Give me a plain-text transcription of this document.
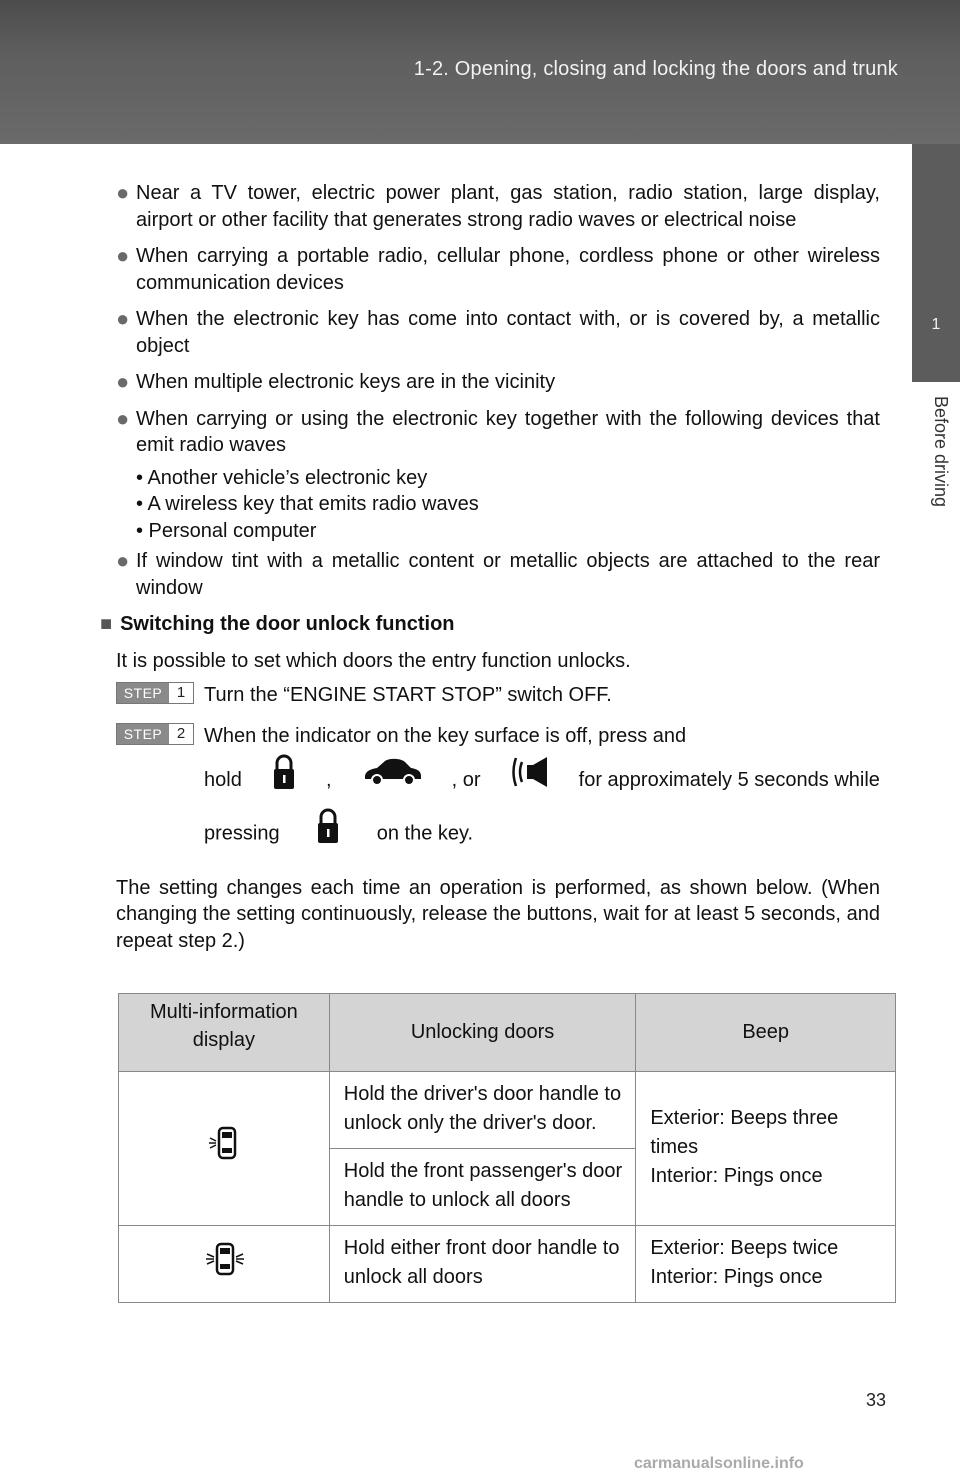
1-2. Opening, closing and locking the doors and trunk
1
Before driving
● Near a TV tower, electric power plant, gas station, radio station, large display, airport or other facility that generates strong radio waves or electrical noise
● When carrying a portable radio, cellular phone, cordless phone or other wireless communication devices
● When the electronic key has come into contact with, or is covered by, a metallic object
● When multiple electronic keys are in the vicinity
● When carrying or using the electronic key together with the following devices that emit radio waves
• Another vehicle’s electronic key
• A wireless key that emits radio waves
• Personal computer
● If window tint with a metallic content or metallic objects are attached to the rear window
■ Switching the door unlock function
It is possible to set which doors the entry function unlocks.
STEP 1 Turn the “ENGINE START STOP” switch OFF.
STEP 2 When the indicator on the key surface is off, press and
hold	,	, or	for approximately 5 seconds while
pressing	on the key.
The setting changes each time an operation is performed, as shown below. (When changing the setting continuously, release the buttons, wait for at least 5 seconds, and repeat step 2.)
Multi-information display	Unlocking doors	Beep
	Hold the driver's door handle to unlock only the driver's door.	Exterior: Beeps three times
Interior: Pings once
	Hold the front passenger's door handle to unlock all doors	
	Hold either front door handle to unlock all doors	Exterior: Beeps twice
Interior: Pings once
33
carmanualsonline.info
